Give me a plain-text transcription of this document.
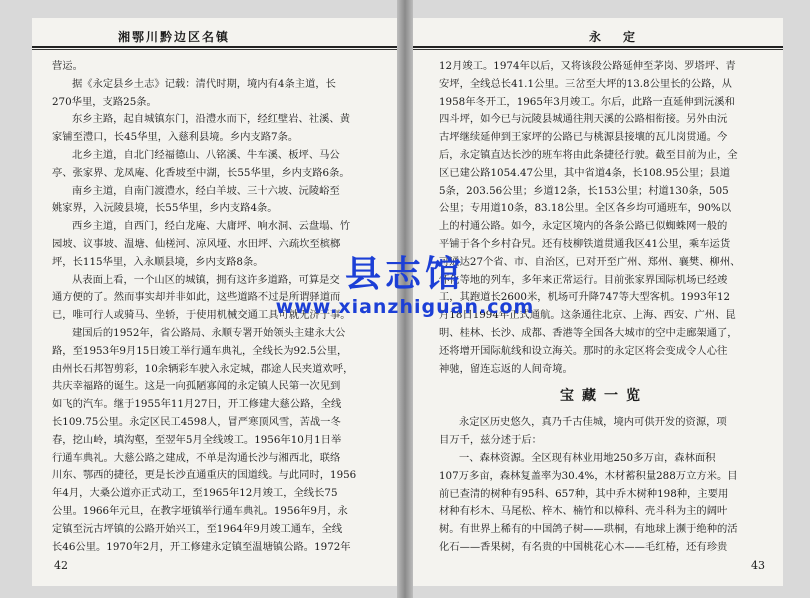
湘鄂川黔边区名镇
营运。
据《永定县乡土志》记载：清代时期，境内有4条主道，长
270华里，支路25条。
东乡主路，起自城镇东门，沿澧水而下，经红壁岩、社溪、黄
家铺至澧口，长45华里，入慈利县境。乡内支路7条。
北乡主道，自北门经福德山、八铭溪、牛车溪、板坪、马公
亭、张家界、龙凤庵、化香坡至中湖，长55华里，乡内支路6条。
南乡主道，自南门渡澧水，经白羊坡、三十六坡、沅陵峪至
姚家界，入沅陵县境，长55华里，乡内支路4条。
西乡主道，自西门，经白龙庵、大庸坪、响水洞、云盘塌、竹
园坡、议事坡、温塘、仙槎河、凉风垭、水田坪、六疏坎至槟榔
坪，长115华里，入永顺县境，乡内支路8条。
从表面上看，一个山区的城镇，拥有这许多道路，可算是交
通方便的了。然而事实却并非如此，这些道路不过是所谓驿道而
已，唯可行人或骑马、坐轿，于使用机械交通工具可就无济于事。
建国后的1952年，省公路局、永顺专署开始领头主建永大公
路，至1953年9月15日竣工举行通车典礼，全线长为92.5公里，
由州长石邦智剪彩，10余辆彩车驶入永定城，郡途人民夹道欢呼，
共庆幸福路的诞生。这是一向孤陋寡闻的永定镇人民第一次见到
如飞的汽车。继于1955年11月27日，开工修建大慈公路，全线
长109.75公里。永定区民工4598人，冒严寒顶风雪，苦战一冬
春，挖山岭，填沟壑，至翌年5月全线竣工。1956年10月1日举
行通车典礼。大慈公路之建成，不单是沟通长沙与湘西北，联络
川东、鄂西的捷径，更是长沙直通重庆的国道线。与此同时，1956
年4月，大桑公道亦正式动工，至1965年12月竣工，全线长75
公里。1966年元旦，在教字垭镇举行通车典礼。1956年9月，永
定镇至沅古坪镇的公路开始兴工，至1964年9月竣工通车，全线
长46公里。1970年2月，开工修建永定镇至温塘镇公路。1972年
42
永定
12月竣工。1974年以后，又将该段公路延伸至茅岗、罗塔坪、青
安坪，全线总长41.1公里。三岔至大坪的13.8公里长的公路，从
1958年冬开工，1965年3月竣工。尔后，此路一直延伸到沅溪和
四斗坪，如今已与沅陵县城通往荆天溪的公路相衔接。另外由沅
古坪继续延伸到王家坪的公路已与桃源县接壤的瓦儿岗贯通。今
后，永定镇直达长沙的班车将由此条捷径行驶。截至目前为止，全
区已建公路1054.47公里，其中省道4条，长108.95公里；县道
5条，203.56公里；乡道12条，长153公里；村道130条，505
公里；专用道10条，83.18公里。全区各乡均可通班车，90%以
上的村通公路。如今，永定区境内的各条公路已似蜘蛛网一般的
平铺于各个乡村旮旯。还有枝柳铁道贯通我区41公里，乘车运货
可通达27个省、市、自治区，已对开至广州、郑州、襄樊、柳州、
怀化等地的列车，多年来正常运行。目前张家界国际机场已经竣
工，其跑道长2600米，机场可升降747等大型客机。1993年12
月18日1994年正式通航。这条通往北京、上海、西安、广州、昆
明、桂林、长沙、成都、香港等全国各大城市的空中走廊架通了，
还将增开国际航线和设立海关。那时的永定区将会变成令人心往
神驰，留连忘返的人间奇境。
宝藏一览
永定区历史悠久，真乃千古佳城，境内可供开发的资源，项
目万千，兹分述于后：
一、森林资源。全区现有林业用地250多万亩，森林面积
107万多亩，森林复盖率为30.4%，木材蓄积量288万立方米。目
前已查清的树种有95科、657种，其中乔木树种198种，主要用
材种有杉木、马尾松、梓木、楠竹和以樟科、壳斗科为主的阔叶
树。有世界上稀有的中国鸽子树——珙桐，有地球上濒于绝种的活
化石——香果树，有名贵的中国桃花心木——毛红椿，还有珍贵
43
县志馆
www.xianzhiguan.com
